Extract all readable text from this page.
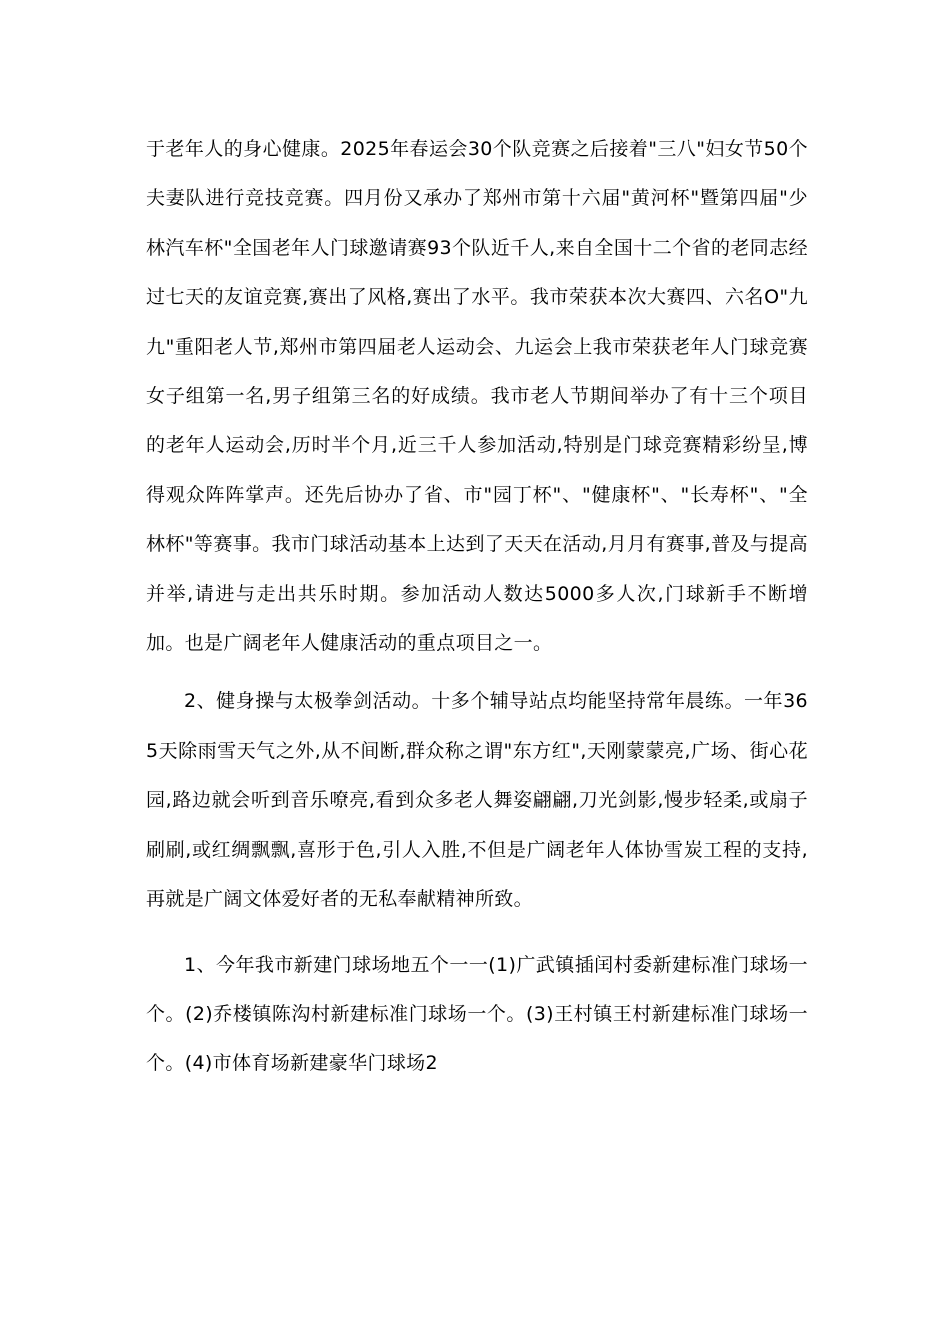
于老年人的身心健康。2025年春运会30个队竞赛之后接着"三八"妇女节50个夫妻队进行竞技竞赛。四月份又承办了郑州市第十六届"黄河杯"暨第四届"少林汽车杯"全国老年人门球邀请赛93个队近千人,来自全国十二个省的老同志经过七天的友谊竞赛,赛出了风格,赛出了水平。我市荣获本次大赛四、六名O"九九"重阳老人节,郑州市第四届老人运动会、九运会上我市荣获老年人门球竞赛女子组第一名,男子组第三名的好成绩。我市老人节期间举办了有十三个项目的老年人运动会,历时半个月,近三千人参加活动,特别是门球竞赛精彩纷呈,博得观众阵阵掌声。还先后协办了省、市"园丁杯"、"健康杯"、"长寿杯"、"全林杯"等赛事。我市门球活动基本上达到了天天在活动,月月有赛事,普及与提高并举,请进与走出共乐时期。参加活动人数达5000多人次,门球新手不断增加。也是广阔老年人健康活动的重点项目之一。

2、健身操与太极拳剑活动。十多个辅导站点均能坚持常年晨练。一年365天除雨雪天气之外,从不间断,群众称之谓"东方红",天刚蒙蒙亮,广场、街心花园,路边就会听到音乐嘹亮,看到众多老人舞姿翩翩,刀光剑影,慢步轻柔,或扇子刷刷,或红绸飘飘,喜形于色,引人入胜,不但是广阔老年人体协雪炭工程的支持,再就是广阔文体爱好者的无私奉献精神所致。

1、今年我市新建门球场地五个一一(1)广武镇插闰村委新建标准门球场一个。(2)乔楼镇陈沟村新建标准门球场一个。(3)王村镇王村新建标准门球场一个。(4)市体育场新建豪华门球场2
